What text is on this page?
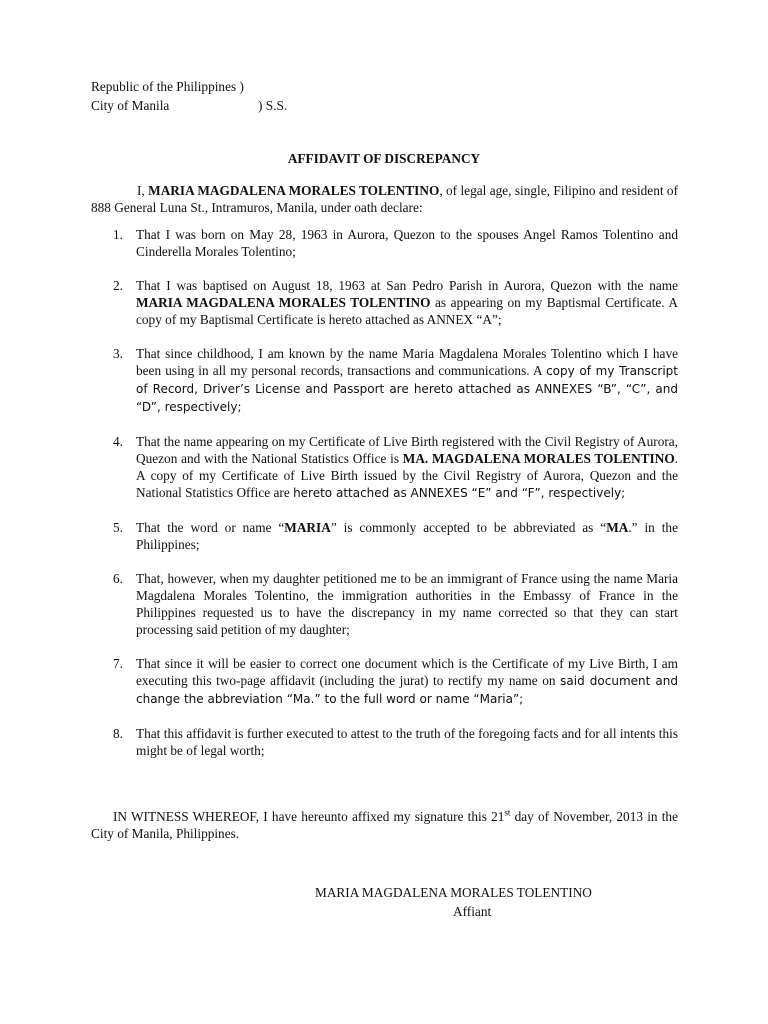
Republic of the Philippines )
City of Manila	) S.S.
AFFIDAVIT OF DISCREPANCY
I, MARIA MAGDALENA MORALES TOLENTINO, of legal age, single, Filipino and resident of 888 General Luna St., Intramuros, Manila, under oath declare:
1. That I was born on May 28, 1963 in Aurora, Quezon to the spouses Angel Ramos Tolentino and Cinderella Morales Tolentino;
2. That I was baptised on August 18, 1963 at San Pedro Parish in Aurora, Quezon with the name MARIA MAGDALENA MORALES TOLENTINO as appearing on my Baptismal Certificate. A copy of my Baptismal Certificate is hereto attached as ANNEX “A”;
3. That since childhood, I am known by the name Maria Magdalena Morales Tolentino which I have been using in all my personal records, transactions and communications. A copy of my Transcript of Record, Driver’s License and Passport are hereto attached as ANNEXES “B”, “C”, and “D”, respectively;
4. That the name appearing on my Certificate of Live Birth registered with the Civil Registry of Aurora, Quezon and with the National Statistics Office is MA. MAGDALENA MORALES TOLENTINO. A copy of my Certificate of Live Birth issued by the Civil Registry of Aurora, Quezon and the National Statistics Office are hereto attached as ANNEXES “E” and “F”, respectively;
5. That the word or name “MARIA” is commonly accepted to be abbreviated as “MA.” in the Philippines;
6. That, however, when my daughter petitioned me to be an immigrant of France using the name Maria Magdalena Morales Tolentino, the immigration authorities in the Embassy of France in the Philippines requested us to have the discrepancy in my name corrected so that they can start processing said petition of my daughter;
7. That since it will be easier to correct one document which is the Certificate of my Live Birth, I am executing this two-page affidavit (including the jurat) to rectify my name on said document and change the abbreviation “Ma.” to the full word or name “Maria”;
8. That this affidavit is further executed to attest to the truth of the foregoing facts and for all intents this might be of legal worth;
IN WITNESS WHEREOF, I have hereunto affixed my signature this 21st day of November, 2013 in the City of Manila, Philippines.
MARIA MAGDALENA MORALES TOLENTINO
Affiant
